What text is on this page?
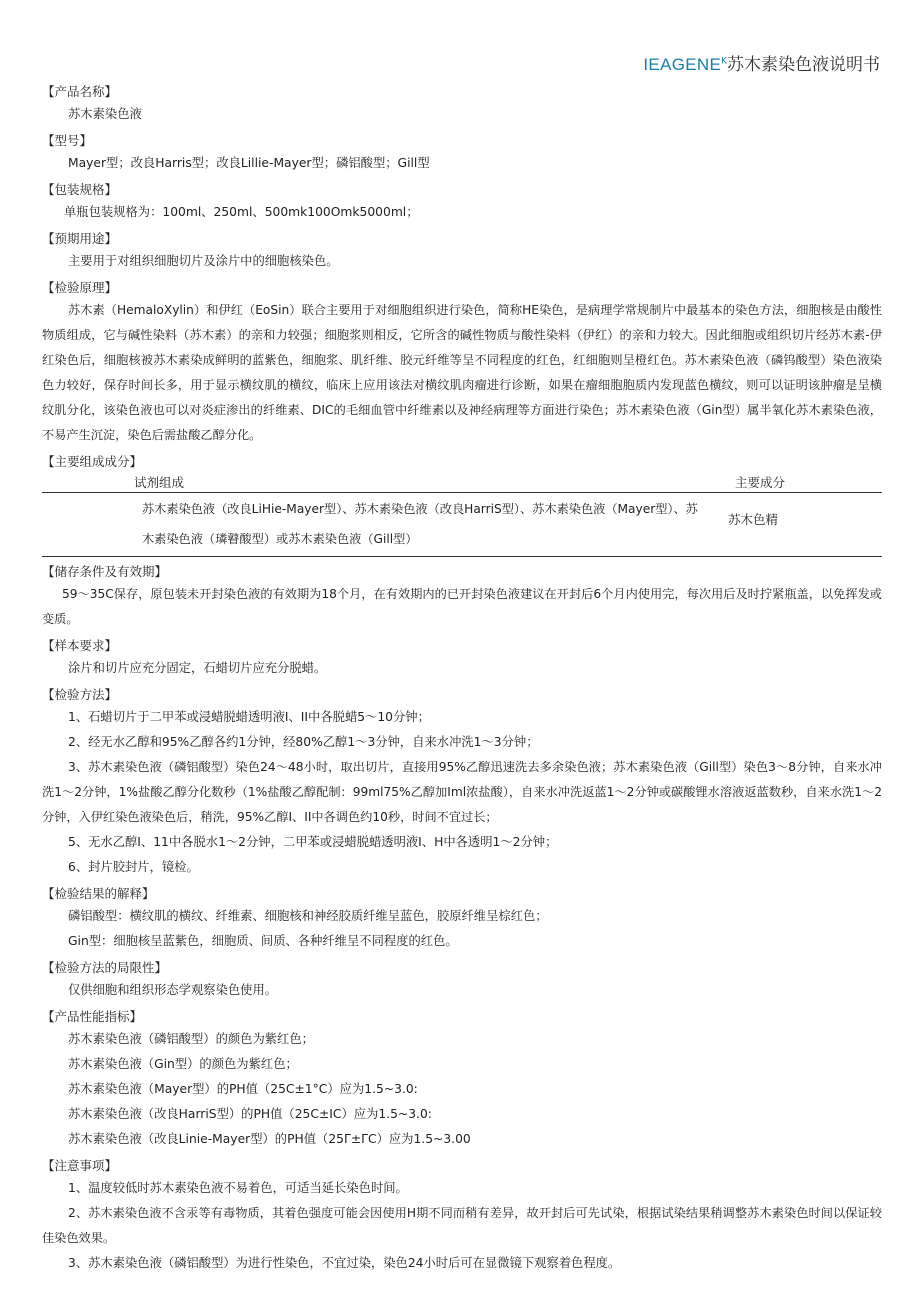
$IEAGENE^K$苏木素染色液说明书
【产品名称】
苏木素染色液
【型号】
Mayer型；改良Harris型；改良Lillie-Mayer型；磷铝酸型；Gill型
【包装规格】
单瓶包装规格为：100ml、250ml、500mk100Omk5000ml；
【预期用途】
主要用于对组织细胞切片及涂片中的细胞核染色。
【检验原理】
苏木素（HemaloXylin）和伊红（EoSin）联合主要用于对细胞组织进行染色，简称HE染色，是病理学常规制片中最基本的染色方法，细胞核是由酸性物质组成，它与碱性染料（苏木素）的亲和力较强；细胞浆则相反，它所含的碱性物质与酸性染料（伊红）的亲和力较大。因此细胞或组织切片经苏木素-伊红染色后，细胞核被苏木素染成鲜明的蓝紫色，细胞浆、肌纤维、胶元纤维等呈不同程度的红色，红细胞则呈橙红色。苏木素染色液（磷钨酸型）染色液染色力较好，保存时间长多，用于显示横纹肌的横纹，临床上应用该法对横纹肌肉瘤进行诊断，如果在瘤细胞胞质内发现蓝色横纹，则可以证明该肿瘤是呈横纹肌分化，该染色液也可以对炎症渗出的纤维素、DIC的毛细血管中纤维素以及神经病理等方面进行染色；苏木素染色液（Gin型）属半氧化苏木素染色液，不易产生沉淀，染色后需盐酸乙醇分化。
【主要组成成分】
试剂组成	主要成分
苏木素染色液（改良LiHie-Mayer型）、苏木素染色液（改良HarriS型）、苏木素染色液（Mayer型）、苏木素染色液（璘瞽酸型）或苏木素染色液（Gill型）
苏木色精
【储存条件及有效期】
59～35C保存，原包装未开封染色液的有效期为18个月，在有效期内的已开封染色液建议在开封后6个月内使用完，每次用后及时拧紧瓶盖，以免挥发或变质。
【样本要求】
涂片和切片应充分固定，石蜡切片应充分脱蜡。
【检验方法】
1、石蜡切片于二甲苯或浸蜡脱蜡透明液I、II中各脱蜡5～10分钟；
2、经无水乙醇和95%乙醇各约1分钟，经80%乙醇1～3分钟，自来水冲洗1～3分钟；
3、苏木素染色液（磷铝酸型）染色24～48小时，取出切片，直接用95%乙醇迅速洗去多余染色液；苏木素染色液（Gill型）染色3～8分钟，自来水冲洗1～2分钟，1%盐酸乙醇分化数秒（1%盐酸乙醇配制：99ml75%乙醇加Iml浓盐酸），自来水冲洗返蓝1～2分钟或碳酸锂水溶液返蓝数秒，自来水洗1～2分钟，入伊红染色液染色后，稍洗，95%乙醇I、II中各调色约10秒，时间不宜过长；
5、无水乙醇I、11中各脱水1～2分钟，二甲苯或浸蜡脱蜡透明液I、H中各透明1～2分钟；
6、封片胶封片，镜检。
【检验结果的解释】
磷铝酸型：横纹肌的横纹、纤维素、细胞核和神经胶质纤维呈蓝色，胶原纤维呈棕红色；
Gin型：细胞核呈蓝紫色，细胞质、间质、各种纤维呈不同程度的红色。
【检验方法的局限性】
仅供细胞和组织形态学观察染色使用。
【产品性能指标】
苏木素染色液（磷铝酸型）的颜色为紫红色；
苏木素染色液（Gin型）的颜色为紫红色；
苏木素染色液（Mayer型）的PH值（25C±1°C）应为1.5~3.0:
苏木素染色液（改良HarriS型）的PH值（25C±IC）应为1.5~3.0:
苏木素染色液（改良Linie-Mayer型）的PH值（25Γ±ΓC）应为1.5~3.00
【注意事项】
1、温度较低时苏木素染色液不易着色，可适当延长染色时间。
2、苏木素染色液不含汞等有毒物质，其着色强度可能会因使用H期不同而稍有差异，故开封后可先试染，根据试染结果稍调整苏木素染色时间以保证较佳染色效果。
3、苏木素染色液（磷铝酸型）为进行性染色，不宜过染，染色24小时后可在显微镜下观察着色程度。
